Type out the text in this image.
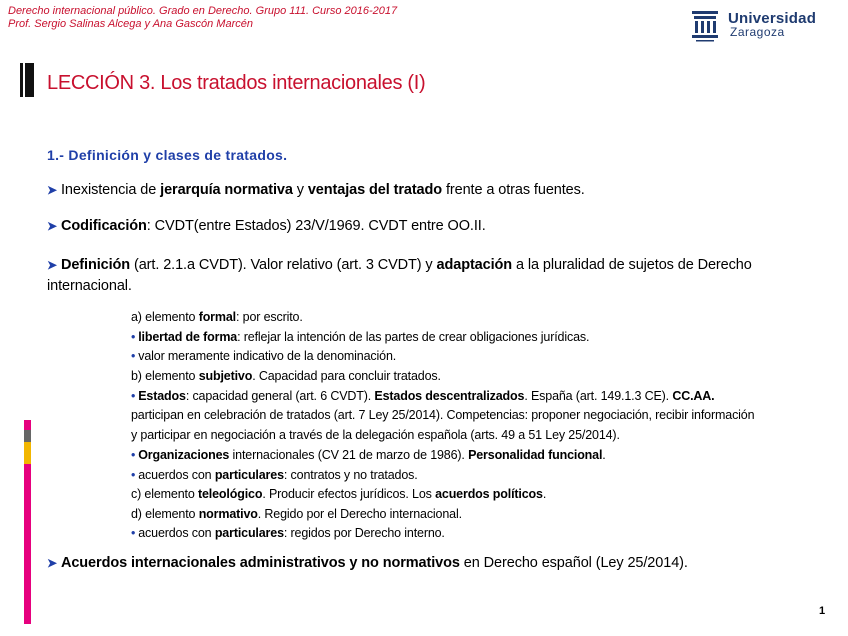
Derecho internacional público. Grado en Derecho. Grupo 111. Curso 2016-2017
Prof. Sergio Salinas Alcega y Ana Gascón Marcén	Universidad
Zaragoza
LECCIÓN 3. Los tratados internacionales (I)
1.- Definición y clases de tratados.
➤ Inexistencia de jerarquía normativa y ventajas del tratado frente a otras fuentes.
➤ Codificación: CVDT(entre Estados) 23/V/1969. CVDT entre OO.II.
➤ Definición (art. 2.1.a CVDT). Valor relativo (art. 3 CVDT) y adaptación a la pluralidad de sujetos de Derecho
internacional.
a) elemento formal: por escrito.
• libertad de forma: reflejar la intención de las partes de crear obligaciones jurídicas.
• valor meramente indicativo de la denominación.
b) elemento subjetivo. Capacidad para concluir tratados.
• Estados: capacidad general (art. 6 CVDT). Estados descentralizados. España (art. 149.1.3 CE). CC.AA.
participan en celebración de tratados (art. 7 Ley 25/2014). Competencias: proponer negociación, recibir información
y participar en negociación a través de la delegación española (arts. 49 a 51 Ley 25/2014).
• Organizaciones internacionales (CV 21 de marzo de 1986). Personalidad funcional.
• acuerdos con particulares: contratos y no tratados.
c) elemento teleológico. Producir efectos jurídicos. Los acuerdos políticos.
d) elemento normativo. Regido por el Derecho internacional.
• acuerdos con particulares: regidos por Derecho interno.
➤ Acuerdos internacionales administrativos y no normativos en Derecho español (Ley 25/2014).
1
